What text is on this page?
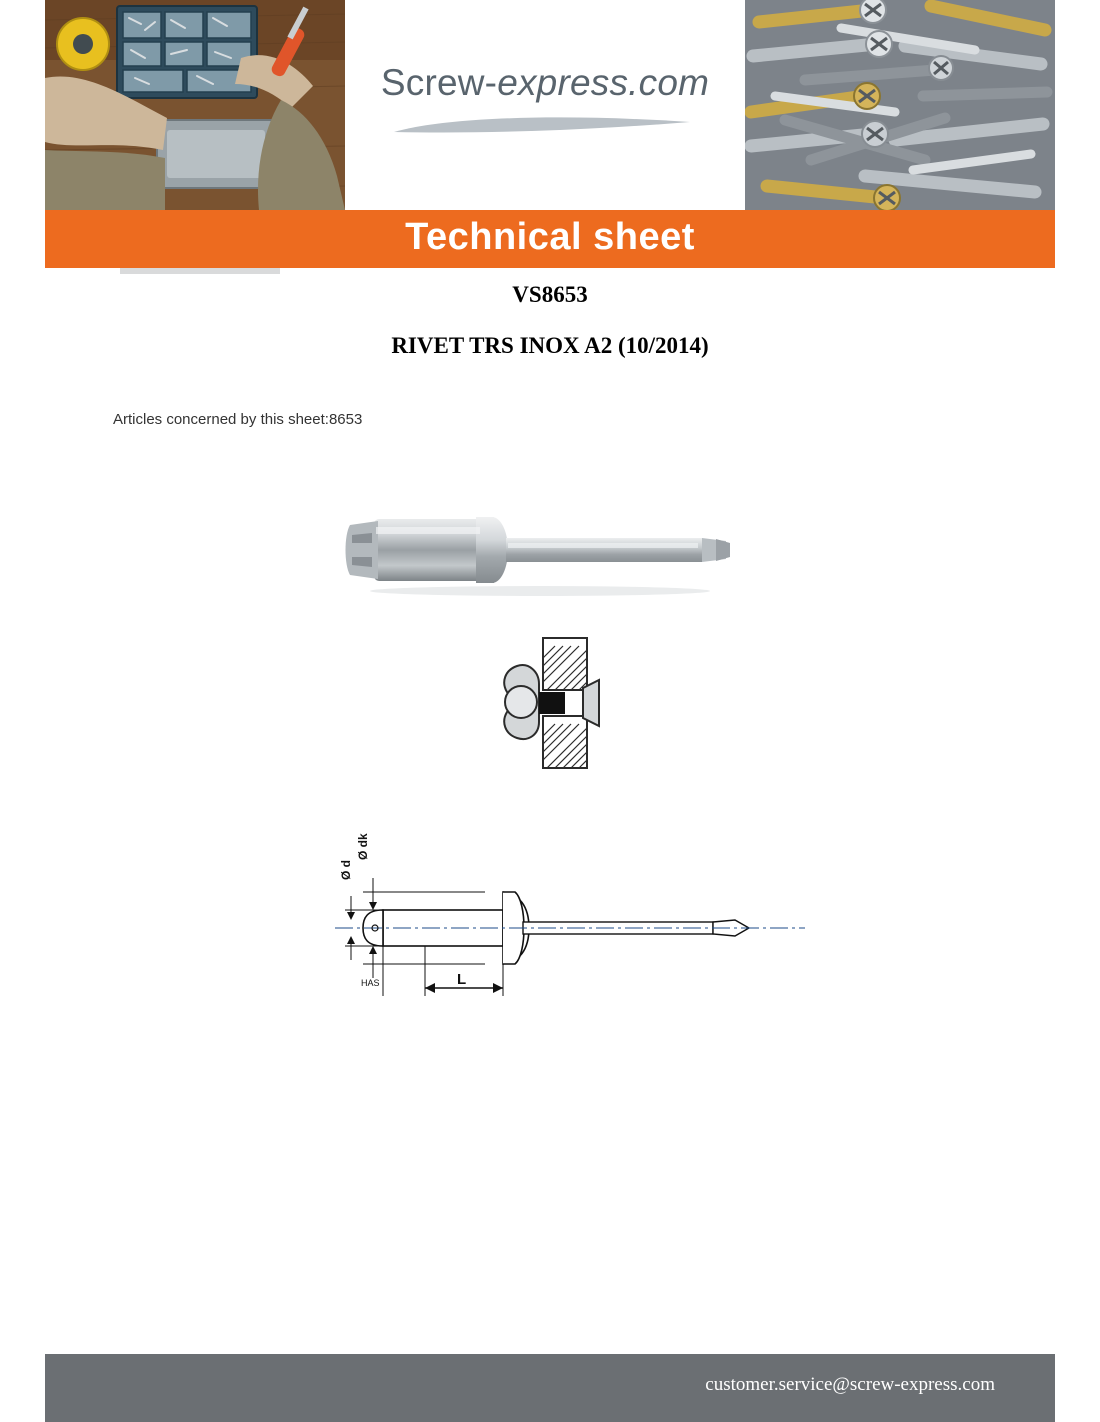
Screw-express.com
Technical sheet
VS8653
RIVET TRS INOX A2 (10/2014)
Articles concerned by this sheet:8653
Ø d
Ø dk
HAS	L
customer.service@screw-express.com
